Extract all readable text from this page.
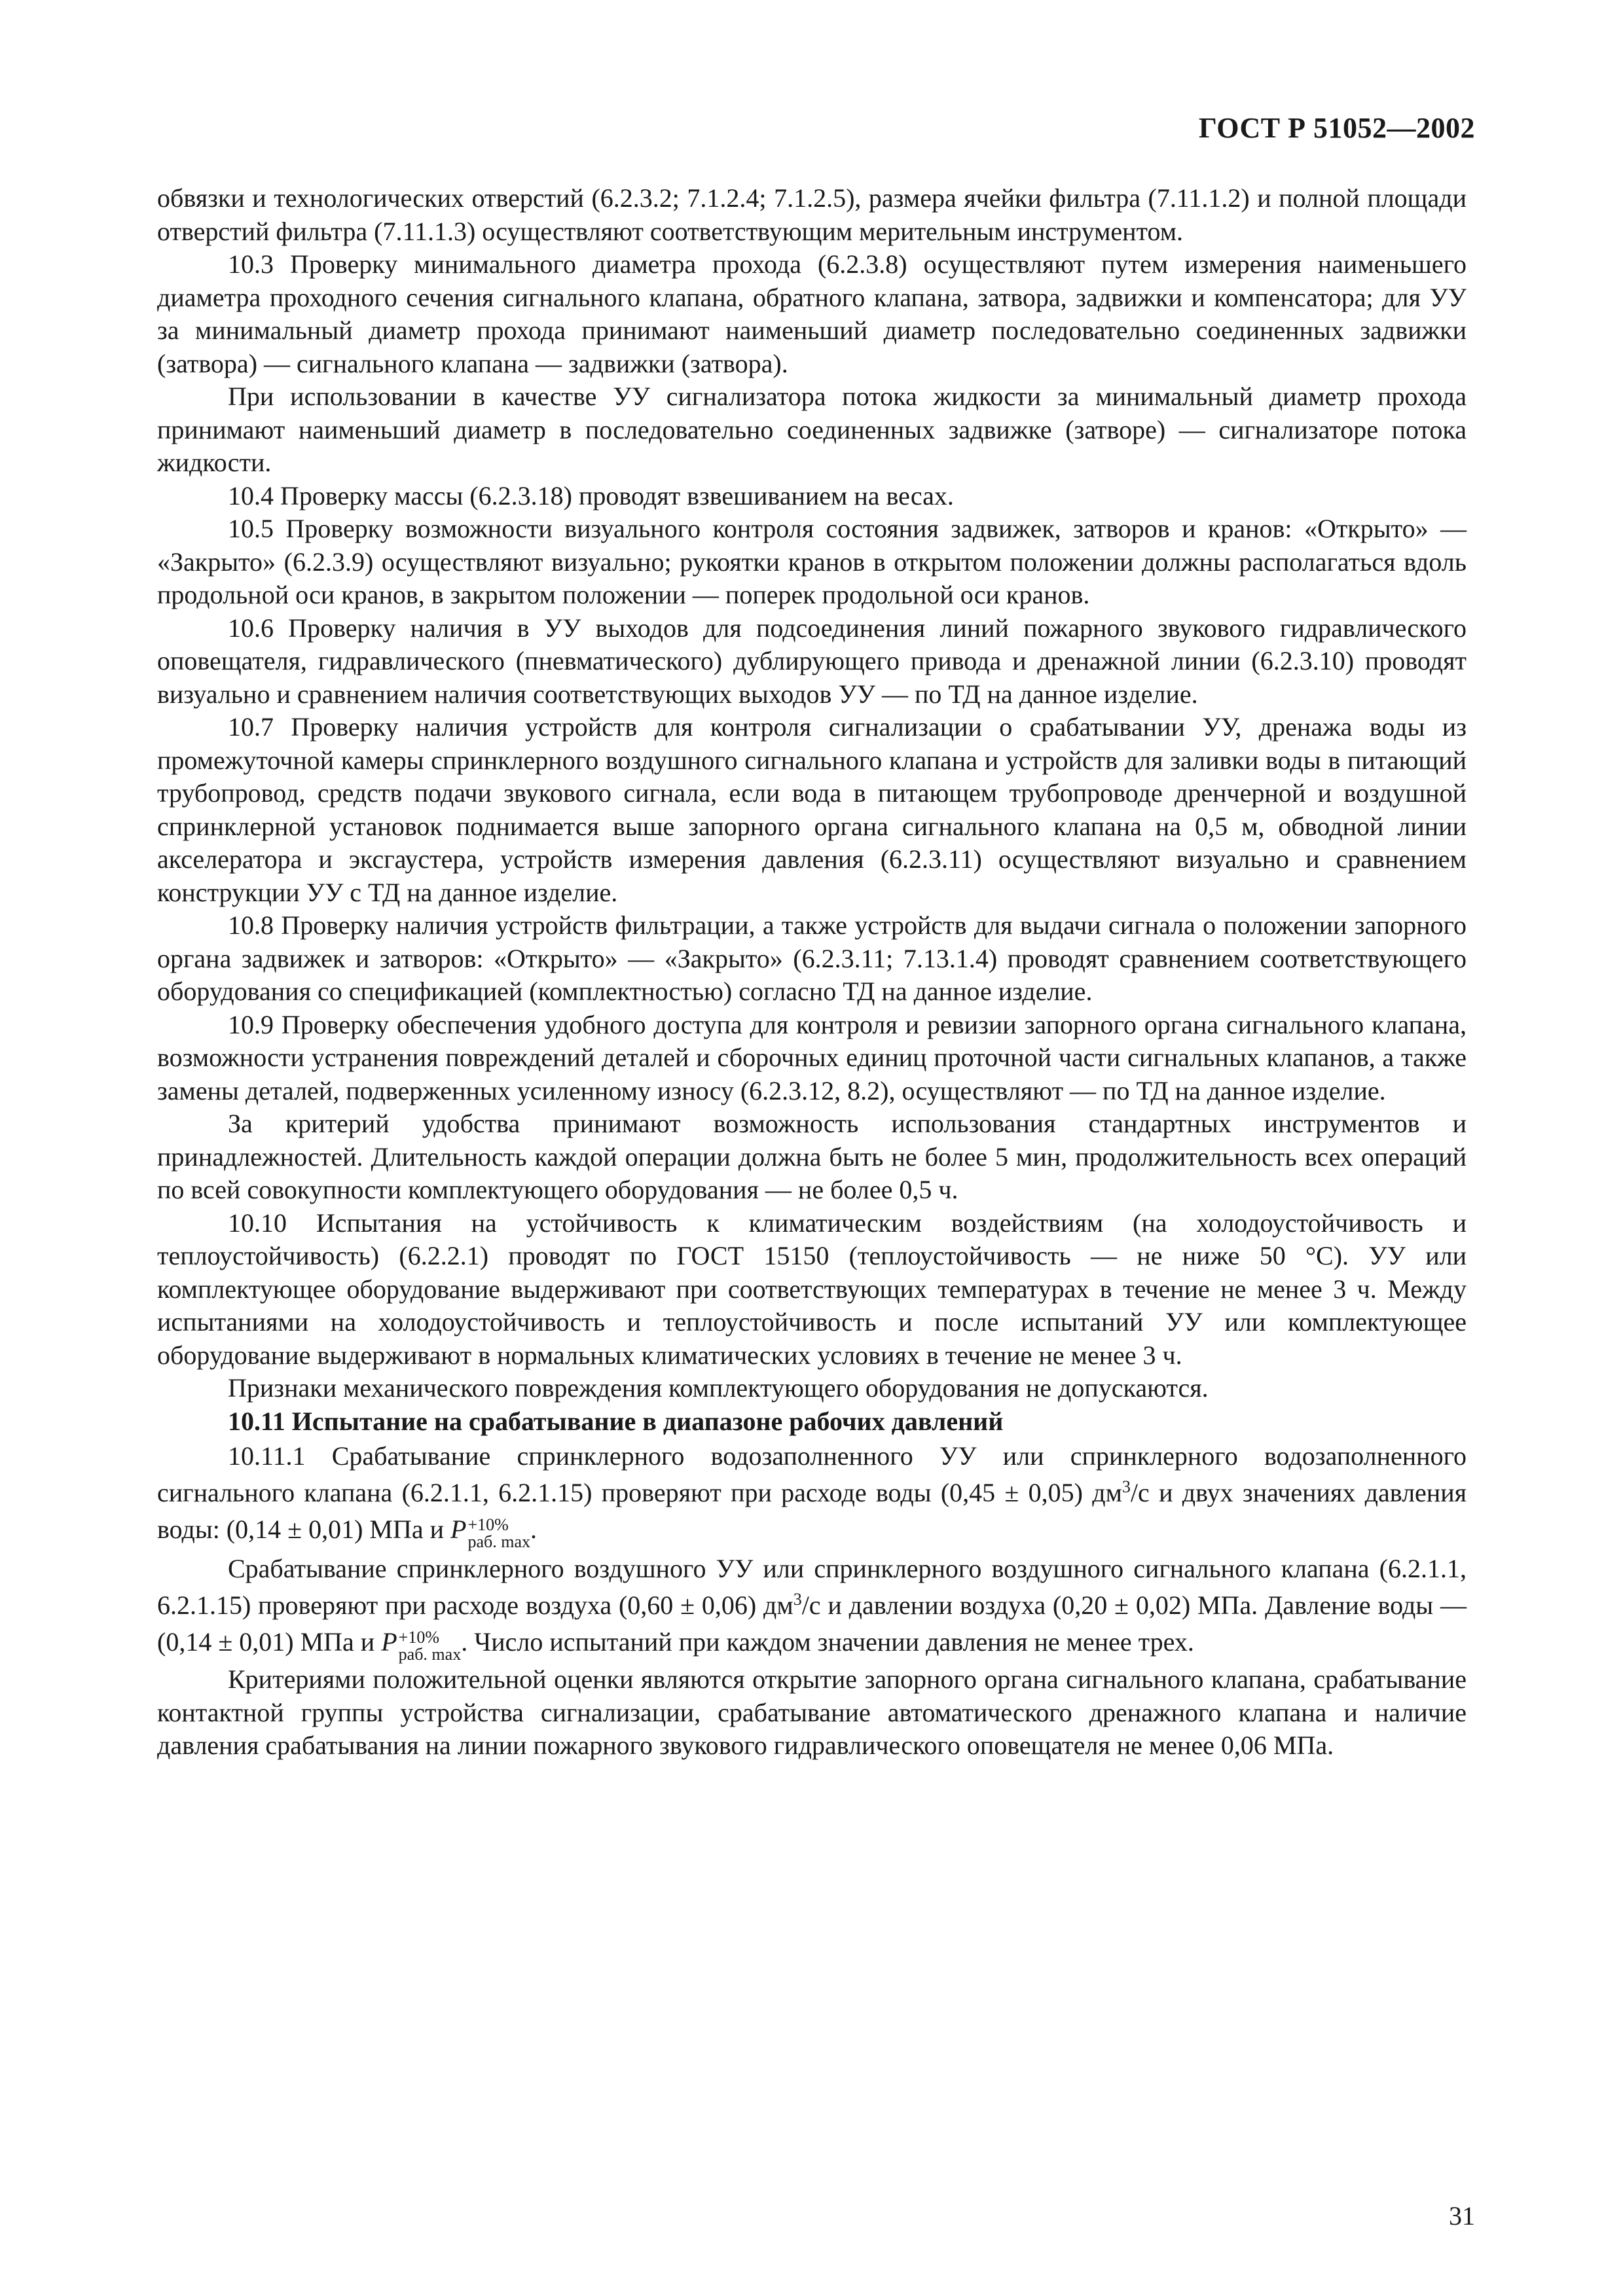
ГОСТ Р 51052—2002

обвязки и технологических отверстий (6.2.3.2; 7.1.2.4; 7.1.2.5), размера ячейки фильтра (7.11.1.2) и полной площади отверстий фильтра (7.11.1.3) осуществляют соответствующим мерительным инструментом.

10.3 Проверку минимального диаметра прохода (6.2.3.8) осуществляют путем измерения наименьшего диаметра проходного сечения сигнального клапана, обратного клапана, затвора, задвижки и компенсатора; для УУ за минимальный диаметр прохода принимают наименьший диаметр последовательно соединенных задвижки (затвора) — сигнального клапана — задвижки (затвора).

При использовании в качестве УУ сигнализатора потока жидкости за минимальный диаметр прохода принимают наименьший диаметр в последовательно соединенных задвижке (затворе) — сигнализаторе потока жидкости.

10.4 Проверку массы (6.2.3.18) проводят взвешиванием на весах.

10.5 Проверку возможности визуального контроля состояния задвижек, затворов и кранов: «Открыто» — «Закрыто» (6.2.3.9) осуществляют визуально; рукоятки кранов в открытом положении должны располагаться вдоль продольной оси кранов, в закрытом положении — поперек продольной оси кранов.

10.6 Проверку наличия в УУ выходов для подсоединения линий пожарного звукового гидравлического оповещателя, гидравлического (пневматического) дублирующего привода и дренажной линии (6.2.3.10) проводят визуально и сравнением наличия соответствующих выходов УУ — по ТД на данное изделие.

10.7 Проверку наличия устройств для контроля сигнализации о срабатывании УУ, дренажа воды из промежуточной камеры спринклерного воздушного сигнального клапана и устройств для заливки воды в питающий трубопровод, средств подачи звукового сигнала, если вода в питающем трубопроводе дренчерной и воздушной спринклерной установок поднимается выше запорного органа сигнального клапана на 0,5 м, обводной линии акселератора и эксгаустера, устройств измерения давления (6.2.3.11) осуществляют визуально и сравнением конструкции УУ с ТД на данное изделие.

10.8 Проверку наличия устройств фильтрации, а также устройств для выдачи сигнала о положении запорного органа задвижек и затворов: «Открыто» — «Закрыто» (6.2.3.11; 7.13.1.4) проводят сравнением соответствующего оборудования со спецификацией (комплектностью) согласно ТД на данное изделие.

10.9 Проверку обеспечения удобного доступа для контроля и ревизии запорного органа сигнального клапана, возможности устранения повреждений деталей и сборочных единиц проточной части сигнальных клапанов, а также замены деталей, подверженных усиленному износу (6.2.3.12, 8.2), осуществляют — по ТД на данное изделие.

За критерий удобства принимают возможность использования стандартных инструментов и принадлежностей. Длительность каждой операции должна быть не более 5 мин, продолжительность всех операций по всей совокупности комплектующего оборудования — не более 0,5 ч.

10.10 Испытания на устойчивость к климатическим воздействиям (на холодоустойчивость и теплоустойчивость) (6.2.2.1) проводят по ГОСТ 15150 (теплоустойчивость — не ниже 50 °С). УУ или комплектующее оборудование выдерживают при соответствующих температурах в течение не менее 3 ч. Между испытаниями на холодоустойчивость и теплоустойчивость и после испытаний УУ или комплектующее оборудование выдерживают в нормальных климатических условиях в течение не менее 3 ч.

Признаки механического повреждения комплектующего оборудования не допускаются.

10.11 Испытание на срабатывание в диапазоне рабочих давлений

10.11.1 Срабатывание спринклерного водозаполненного УУ или спринклерного водозаполненного сигнального клапана (6.2.1.1, 6.2.1.15) проверяют при расходе воды (0,45 ± 0,05) $дм^3/с$ и двух значениях давления воды: (0,14 ± 0,01) МПа и P +10%
раб. max .

Срабатывание спринклерного воздушного УУ или спринклерного воздушного сигнального клапана (6.2.1.1, 6.2.1.15) проверяют при расходе воздуха (0,60 ± 0,06) $дм^3/с$ и давлении воздуха (0,20 ± 0,02) МПа. Давление воды — (0,14 ± 0,01) МПа и P +10%
раб. max . Число испытаний при каждом значении давления не менее трех.

Критериями положительной оценки являются открытие запорного органа сигнального клапана, срабатывание контактной группы устройства сигнализации, срабатывание автоматического дренажного клапана и наличие давления срабатывания на линии пожарного звукового гидравлического оповещателя не менее 0,06 МПа.

31
